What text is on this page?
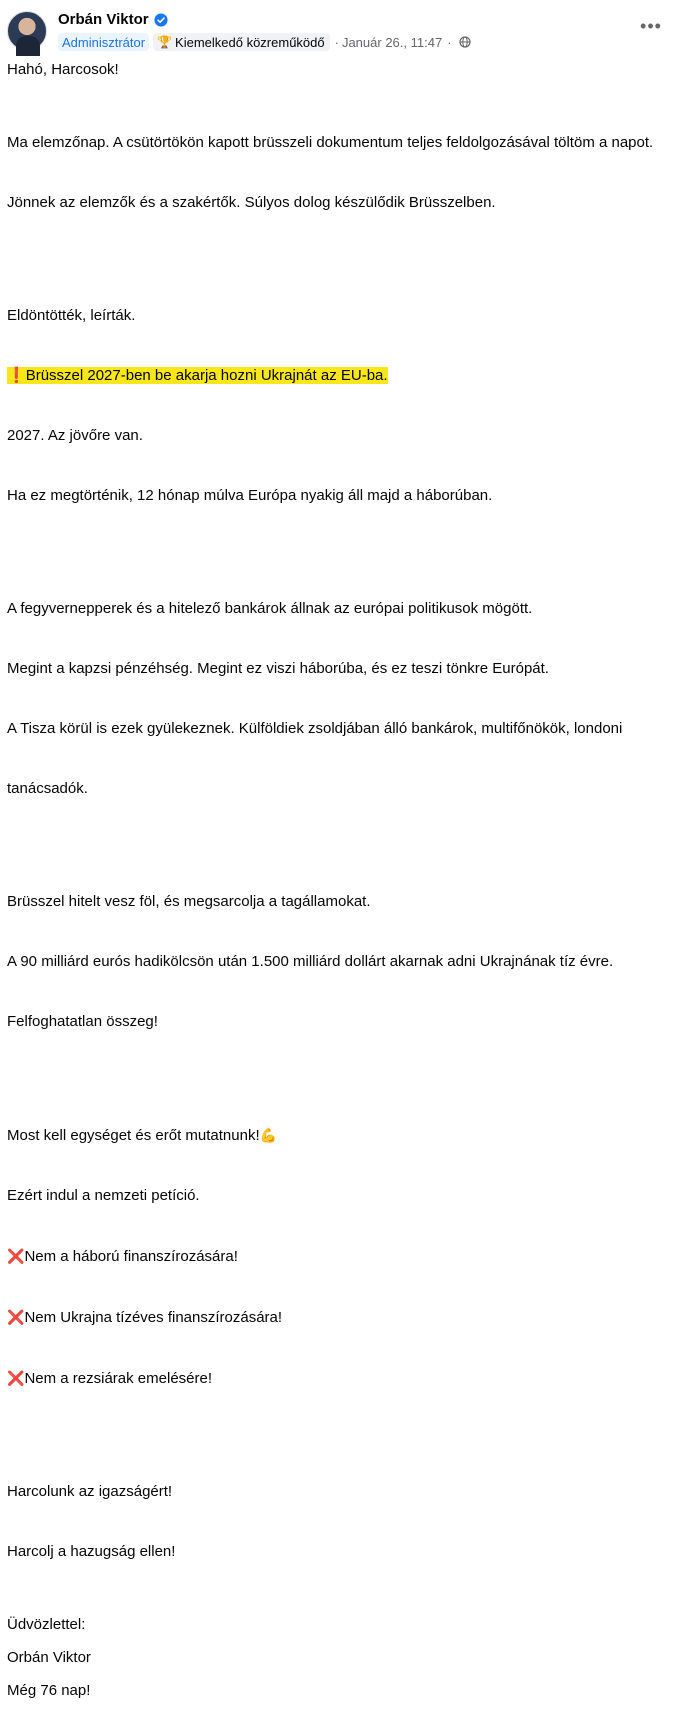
Orbán Viktor
Adminisztrátor	🏆 Kiemelkedő közreműködő · Január 26., 11:47 ·
•••
Hahó, Harcosok!

Ma elemzőnap. A csütörtökön kapott brüsszeli dokumentum teljes feldolgozásával töltöm a napot.

Jönnek az elemzők és a szakértők. Súlyos dolog készülődik Brüsszelben.

Eldöntötték, leírták.

❗Brüsszel 2027-ben be akarja hozni Ukrajnát az EU-ba.

2027. Az jövőre van.

Ha ez megtörténik, 12 hónap múlva Európa nyakig áll majd a háborúban.

A fegyvernepperek és a hitelező bankárok állnak az európai politikusok mögött.

Megint a kapzsi pénzéhség. Megint ez viszi háborúba, és ez teszi tönkre Európát.

A Tisza körül is ezek gyülekeznek. Külföldiek zsoldjában álló bankárok, multifőnökök, londoni

tanácsadók.

Brüsszel hitelt vesz föl, és megsarcolja a tagállamokat.

A 90 milliárd eurós hadikölcsön után 1.500 milliárd dollárt akarnak adni Ukrajnának tíz évre.

Felfoghatatlan összeg!

Most kell egységet és erőt mutatnunk!💪

Ezért indul a nemzeti petíció.

❌Nem a háború finanszírozására!

❌Nem Ukrajna tízéves finanszírozására!

❌Nem a rezsiárak emelésére!

Harcolunk az igazságért!

Harcolj a hazugság ellen!

Üdvözlettel:
Orbán Viktor
Még 76 nap!
